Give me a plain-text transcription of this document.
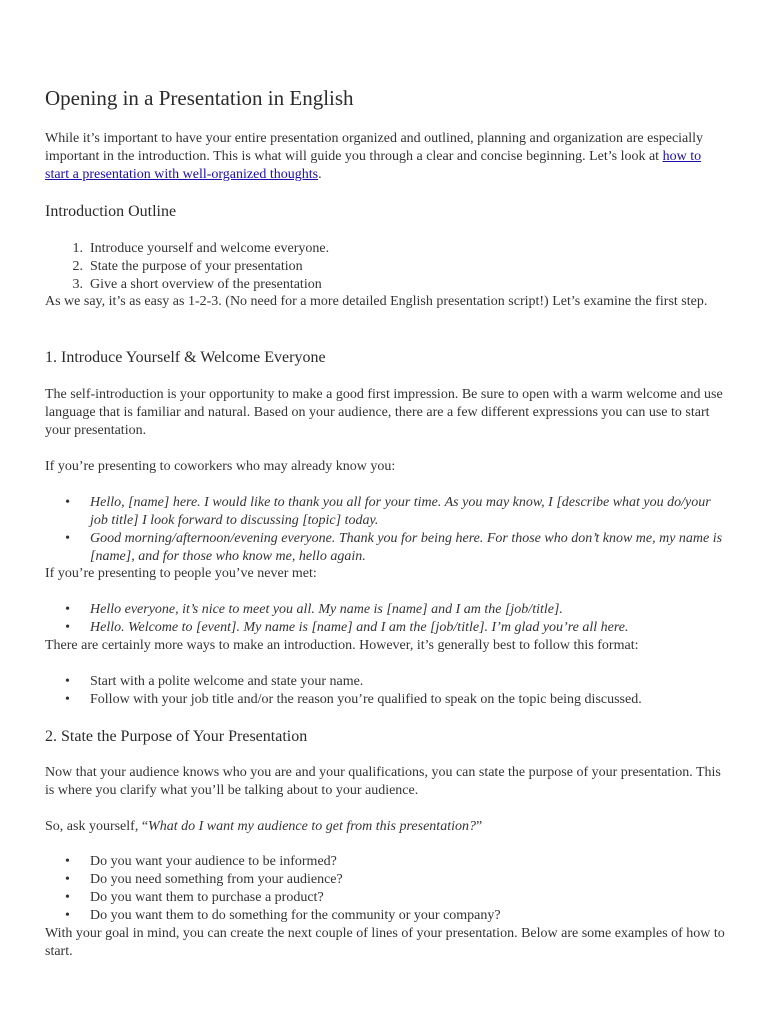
Opening in a Presentation in English

While it’s important to have your entire presentation organized and outlined, planning and organization are especially important in the introduction. This is what will guide you through a clear and concise beginning. Let’s look at how to start a presentation with well-organized thoughts.

Introduction Outline
1. Introduce yourself and welcome everyone.
2. State the purpose of your presentation
3. Give a short overview of the presentation

As we say, it’s as easy as 1-2-3. (No need for a more detailed English presentation script!) Let’s examine the first step.

1. Introduce Yourself & Welcome Everyone

The self-introduction is your opportunity to make a good first impression. Be sure to open with a warm welcome and use language that is familiar and natural. Based on your audience, there are a few different expressions you can use to start your presentation.

If you’re presenting to coworkers who may already know you:

•	Hello, [name] here. I would like to thank you all for your time. As you may know, I [describe what you do/your job title] I look forward to discussing [topic] today.
•	Good morning/afternoon/evening everyone. Thank you for being here. For those who don’t know me, my name is [name], and for those who know me, hello again.

If you’re presenting to people you’ve never met:

•	Hello everyone, it’s nice to meet you all. My name is [name] and I am the [job/title].
•	Hello. Welcome to [event]. My name is [name] and I am the [job/title]. I’m glad you’re all here.

There are certainly more ways to make an introduction. However, it’s generally best to follow this format:

•	Start with a polite welcome and state your name.
•	Follow with your job title and/or the reason you’re qualified to speak on the topic being discussed.
2. State the Purpose of Your Presentation

Now that your audience knows who you are and your qualifications, you can state the purpose of your presentation. This is where you clarify what you’ll be talking about to your audience.

So, ask yourself, “What do I want my audience to get from this presentation?”

•	Do you want your audience to be informed?
•	Do you need something from your audience?
•	Do you want them to purchase a product?
•	Do you want them to do something for the community or your company?

With your goal in mind, you can create the next couple of lines of your presentation. Below are some examples of how to start.
